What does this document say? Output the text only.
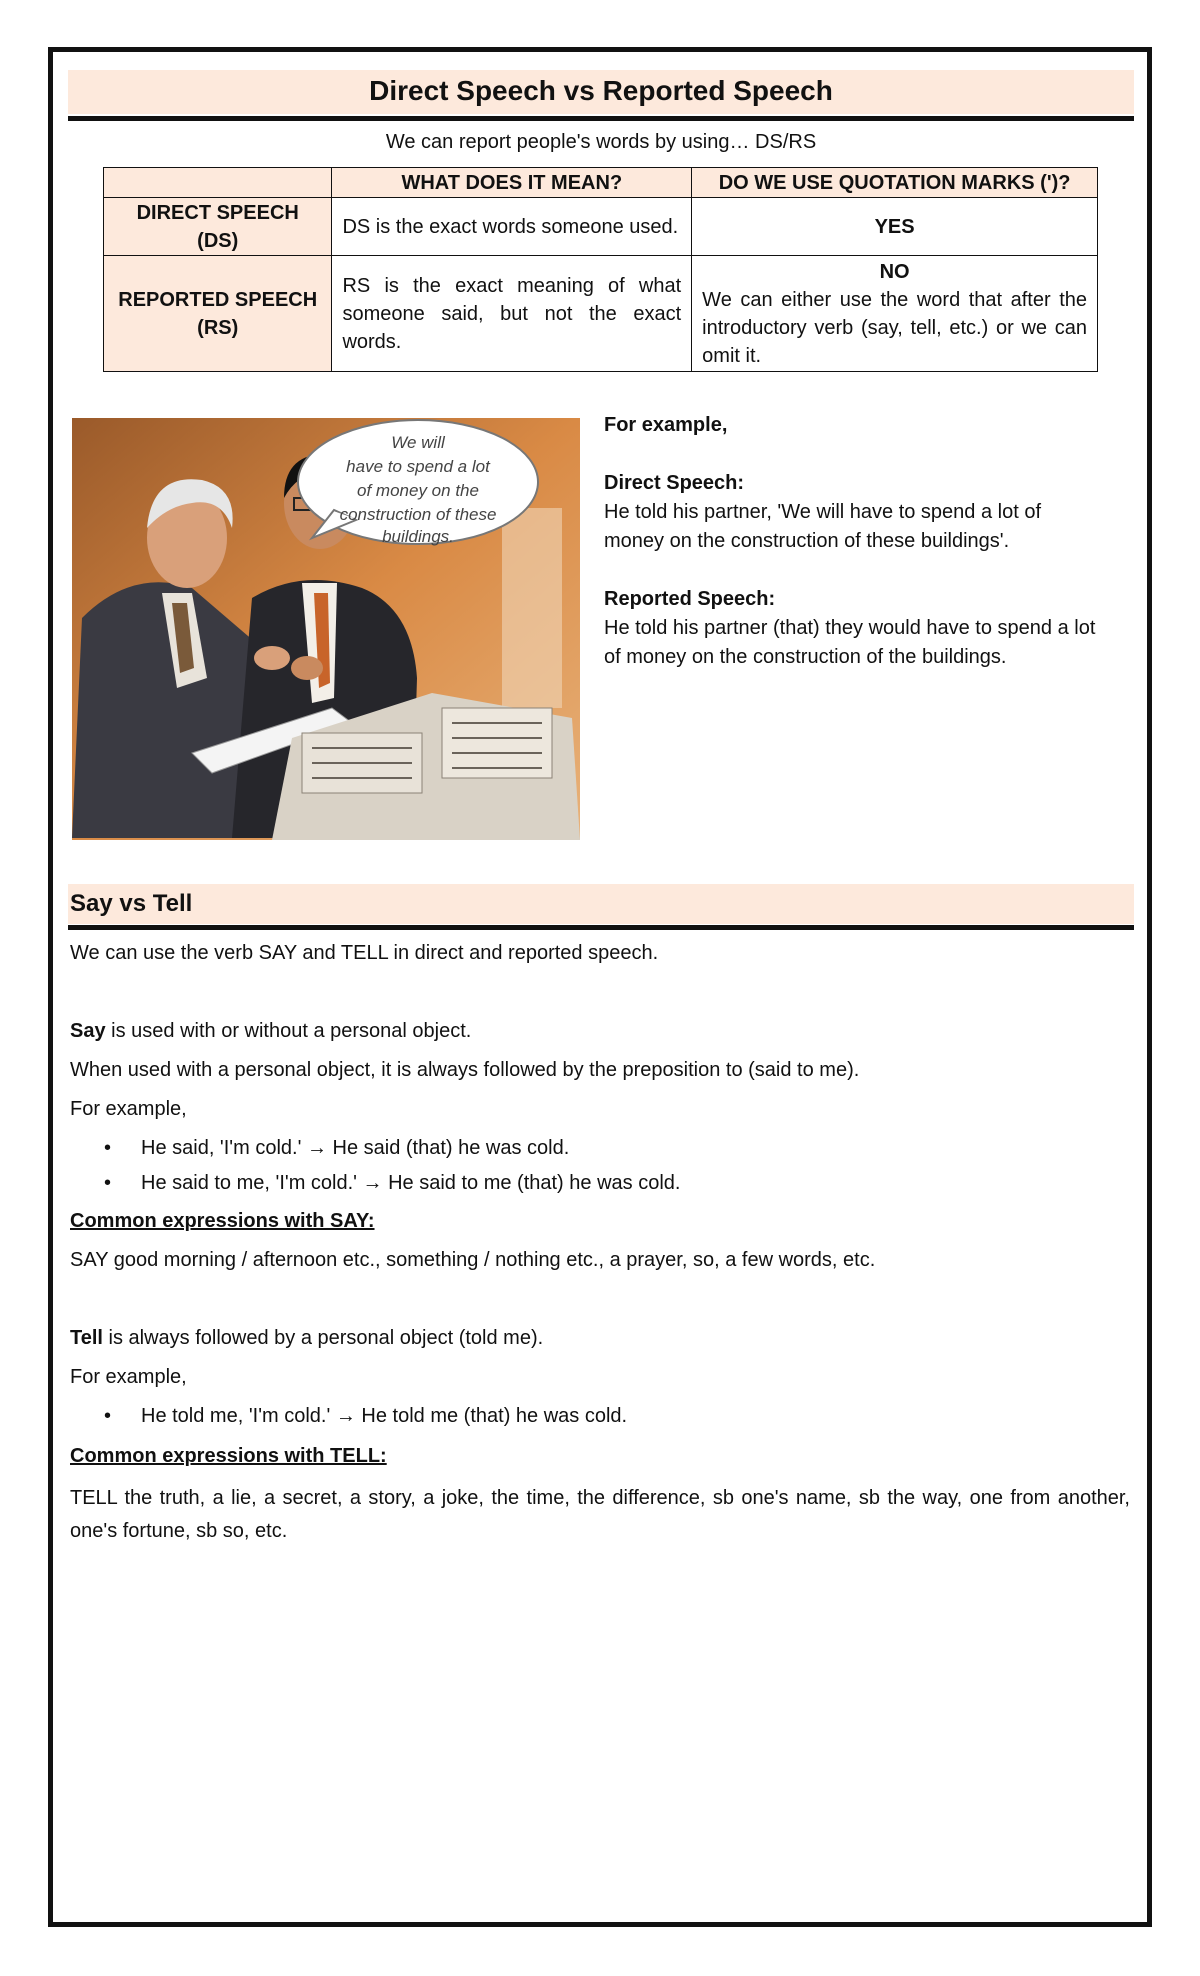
Direct Speech vs Reported Speech
We can report people's words by using… DS/RS
	WHAT DOES IT MEAN?	DO WE USE QUOTATION MARKS (')?
DIRECT SPEECH (DS)	DS is the exact words someone used.	YES
REPORTED SPEECH (RS)	RS is the exact meaning of what someone said, but not the exact words.	NO
We can either use the word that after the introductory verb (say, tell, etc.) or we can omit it.
We will
have to spend a lot
of money on the
construction of these
buildings.

For example,

Direct Speech:

He told his partner, 'We will have to spend a lot of money on the construction of these buildings'.

Reported Speech:

He told his partner (that) they would have to spend a lot of money on the construction of the buildings.

Say vs Tell
We can use the verb SAY and TELL in direct and reported speech.
Say is used with or without a personal object.
When used with a personal object, it is always followed by the preposition to (said to me).
For example,
• He said, 'I'm cold.' → He said (that) he was cold.
• He said to me, 'I'm cold.' → He said to me (that) he was cold.
Common expressions with SAY:
SAY good morning / afternoon etc., something / nothing etc., a prayer, so, a few words, etc.
Tell is always followed by a personal object (told me).
For example,
• He told me, 'I'm cold.' → He told me (that) he was cold.
Common expressions with TELL:
TELL the truth, a lie, a secret, a story, a joke, the time, the difference, sb one's name, sb the way, one from another, one's fortune, sb so, etc.
